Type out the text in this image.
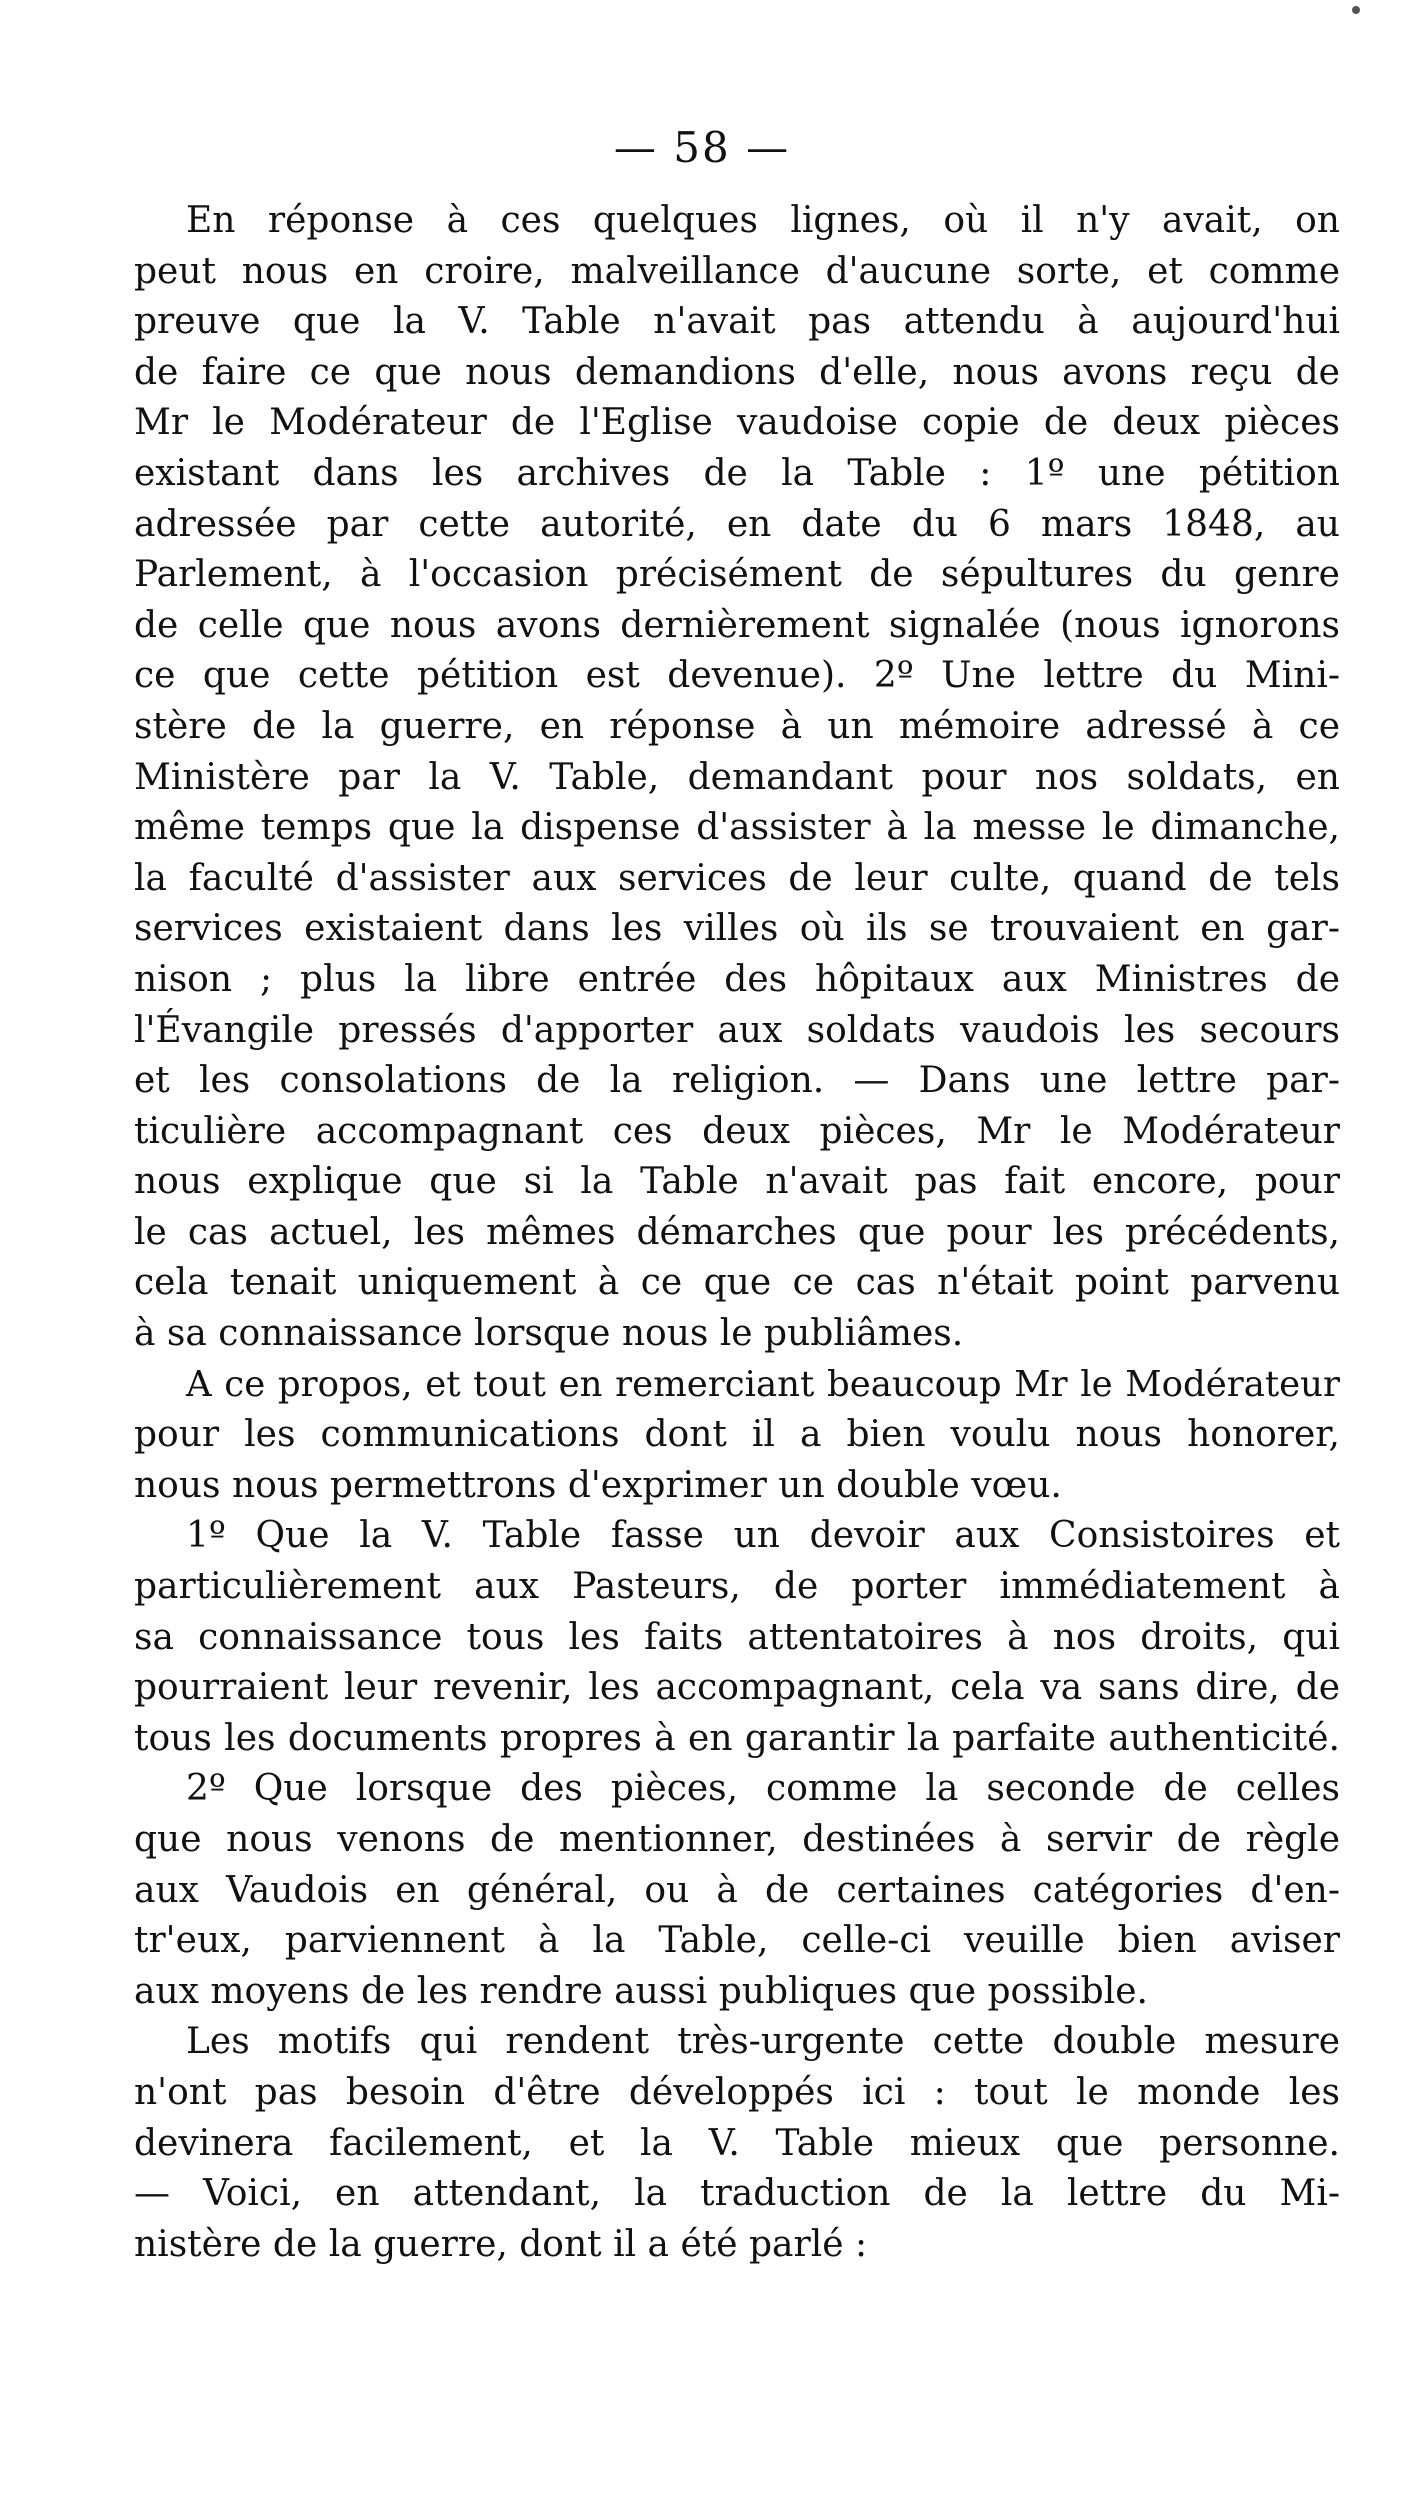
— 58 —
En réponse à ces quelques lignes, où il n'y avait, on
peut nous en croire, malveillance d'aucune sorte, et comme
preuve que la V. Table n'avait pas attendu à aujourd'hui
de faire ce que nous demandions d'elle, nous avons reçu de
Mr le Modérateur de l'Eglise vaudoise copie de deux pièces
existant dans les archives de la Table : 1º une pétition
adressée par cette autorité, en date du 6 mars 1848, au
Parlement, à l'occasion précisément de sépultures du genre
de celle que nous avons dernièrement signalée (nous ignorons
ce que cette pétition est devenue). 2º Une lettre du Mini-
stère de la guerre, en réponse à un mémoire adressé à ce
Ministère par la V. Table, demandant pour nos soldats, en
même temps que la dispense d'assister à la messe le dimanche,
la faculté d'assister aux services de leur culte, quand de tels
services existaient dans les villes où ils se trouvaient en gar-
nison ; plus la libre entrée des hôpitaux aux Ministres de
l'Évangile pressés d'apporter aux soldats vaudois les secours
et les consolations de la religion. — Dans une lettre par-
ticulière accompagnant ces deux pièces, Mr le Modérateur
nous explique que si la Table n'avait pas fait encore, pour
le cas actuel, les mêmes démarches que pour les précédents,
cela tenait uniquement à ce que ce cas n'était point parvenu
à sa connaissance lorsque nous le publiâmes.
A ce propos, et tout en remerciant beaucoup Mr le Modérateur
pour les communications dont il a bien voulu nous honorer,
nous nous permettrons d'exprimer un double vœu.
1º Que la V. Table fasse un devoir aux Consistoires et
particulièrement aux Pasteurs, de porter immédiatement à
sa connaissance tous les faits attentatoires à nos droits, qui
pourraient leur revenir, les accompagnant, cela va sans dire, de
tous les documents propres à en garantir la parfaite authenticité.
2º Que lorsque des pièces, comme la seconde de celles
que nous venons de mentionner, destinées à servir de règle
aux Vaudois en général, ou à de certaines catégories d'en-
tr'eux, parviennent à la Table, celle-ci veuille bien aviser
aux moyens de les rendre aussi publiques que possible.
Les motifs qui rendent très-urgente cette double mesure
n'ont pas besoin d'être développés ici : tout le monde les
devinera facilement, et la V. Table mieux que personne.
— Voici, en attendant, la traduction de la lettre du Mi-
nistère de la guerre, dont il a été parlé :
